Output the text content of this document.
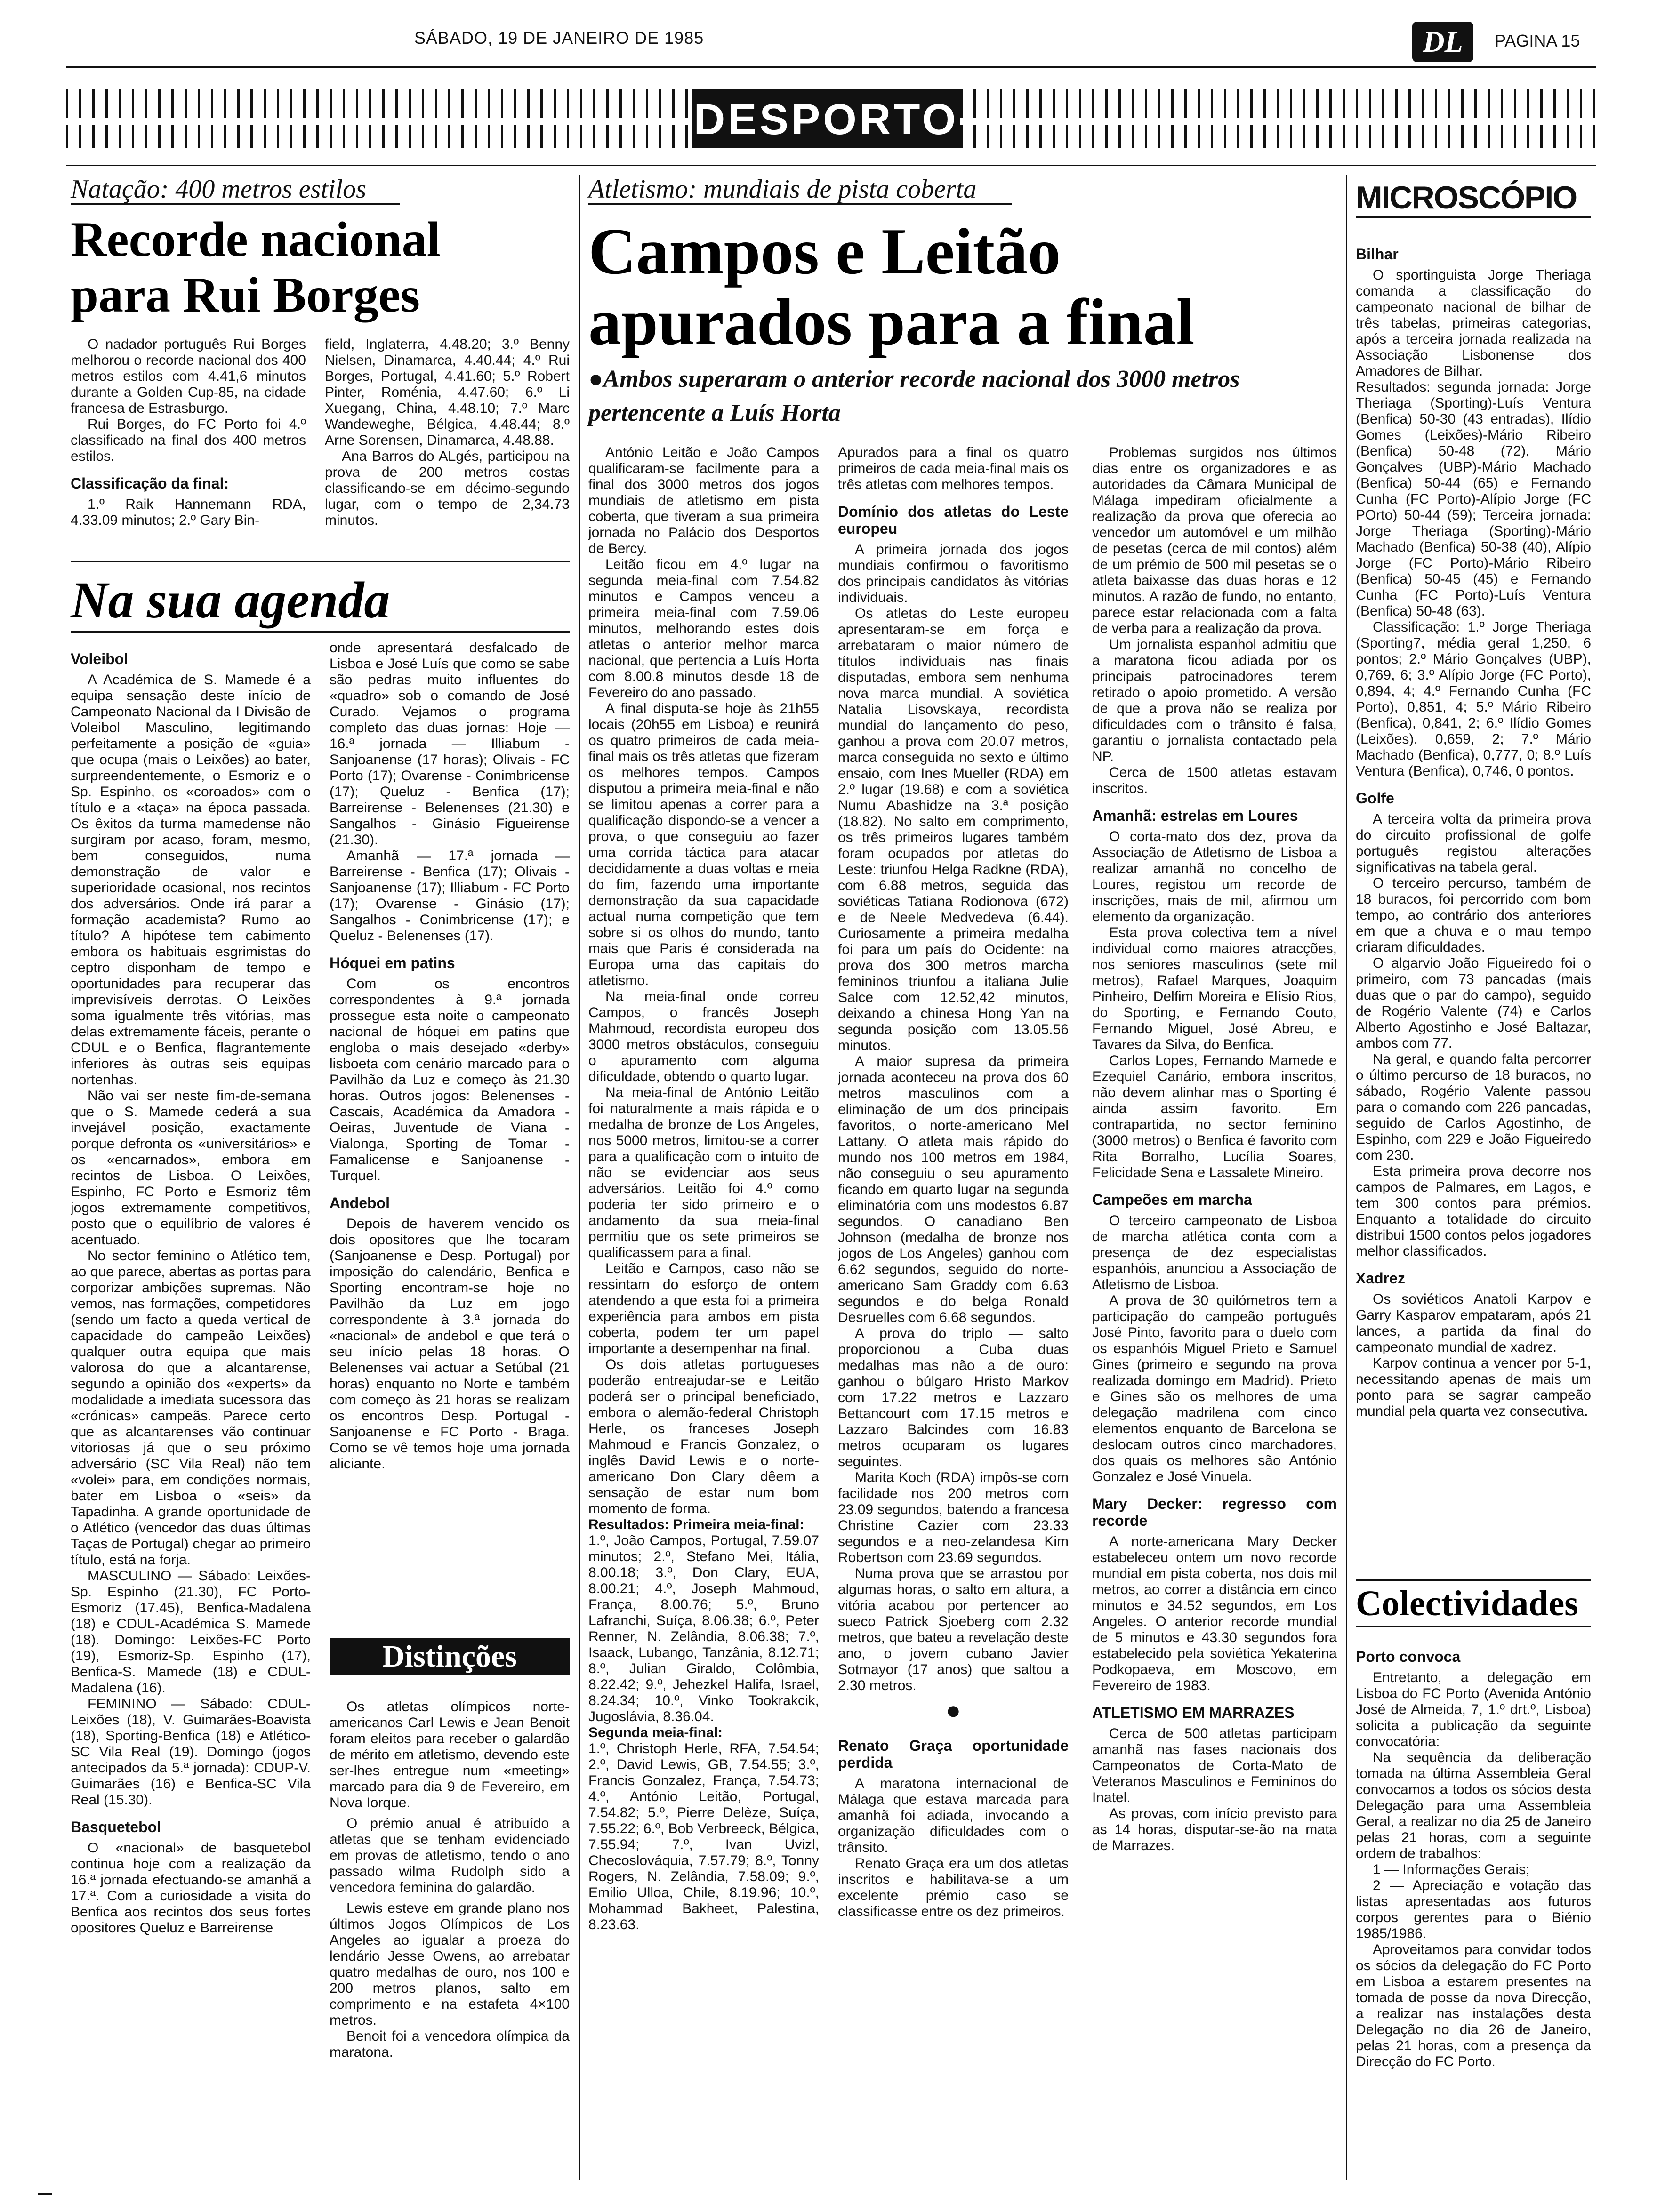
SÁBADO, 19 DE JANEIRO DE 1985	DL	PAGINA 15
DESPORTO
Natação: 400 metros estilos
Recorde nacional
para Rui Borges

O nadador português Rui Borges melhorou o recorde nacional dos 400 metros estilos com 4.41,6 minutos durante a Golden Cup-85, na cidade francesa de Estrasburgo.

Rui Borges, do FC Porto foi 4.º classificado na final dos 400 metros estilos.

Classificação da final:

1.º Raik Hannemann RDA, 4.33.09 minutos; 2.º Gary Bin-

field, Inglaterra, 4.48.20; 3.º Benny Nielsen, Dinamarca, 4.40.44; 4.º Rui Borges, Portugal, 4.41.60; 5.º Robert Pinter, Roménia, 4.47.60; 6.º Li Xuegang, China, 4.48.10; 7.º Marc Wandeweghe, Bélgica, 4.48.44; 8.º Arne Sorensen, Dinamarca, 4.48.88.

Ana Barros do ALgés, participou na prova de 200 metros costas classificando-se em décimo-segundo lugar, com o tempo de 2,34.73 minutos.

Na sua agenda

Voleibol

A Académica de S. Mamede é a equipa sensação deste início de Campeonato Nacional da I Divisão de Voleibol Masculino, legitimando perfeitamente a posição de «guia» que ocupa (mais o Leixões) ao bater, surpreendentemente, o Esmoriz e o Sp. Espinho, os «coroados» com o título e a «taça» na época passada. Os êxitos da turma mamedense não surgiram por acaso, foram, mesmo, bem conseguidos, numa demonstração de valor e superioridade ocasional, nos recintos dos adversários. Onde irá parar a formação academista? Rumo ao título? A hipótese tem cabimento embora os habituais esgrimistas do ceptro disponham de tempo e oportunidades para recuperar das imprevisíveis derrotas. O Leixões soma igualmente três vitórias, mas delas extremamente fáceis, perante o CDUL e o Benfica, flagrantemente inferiores às outras seis equipas nortenhas.

Não vai ser neste fim-de-semana que o S. Mamede cederá a sua invejável posição, exactamente porque defronta os «universitários» e os «encarnados», embora em recintos de Lisboa. O Leixões, Espinho, FC Porto e Esmoriz têm jogos extremamente competitivos, posto que o equilíbrio de valores é acentuado.

No sector feminino o Atlético tem, ao que parece, abertas as portas para corporizar ambições supremas. Não vemos, nas formações, competidores (sendo um facto a queda vertical de capacidade do campeão Leixões) qualquer outra equipa que mais valorosa do que a alcantarense, segundo a opinião dos «experts» da modalidade a imediata sucessora das «crónicas» campeãs. Parece certo que as alcantarenses vão continuar vitoriosas já que o seu próximo adversário (SC Vila Real) não tem «volei» para, em condições normais, bater em Lisboa o «seis» da Tapadinha. A grande oportunidade de o Atlético (vencedor das duas últimas Taças de Portugal) chegar ao primeiro título, está na forja.

MASCULINO — Sábado: Leixões-Sp. Espinho (21.30), FC Porto-Esmoriz (17.45), Benfica-Madalena (18) e CDUL-Académica S. Mamede (18). Domingo: Leixões-FC Porto (19), Esmoriz-Sp. Espinho (17), Benfica-S. Mamede (18) e CDUL-Madalena (16).

FEMININO — Sábado: CDUL-Leixões (18), V. Guimarães-Boavista (18), Sporting-Benfica (18) e Atlético-SC Vila Real (19). Domingo (jogos antecipados da 5.ª jornada): CDUP-V. Guimarães (16) e Benfica-SC Vila Real (15.30).

Basquetebol

O «nacional» de basquetebol continua hoje com a realização da 16.ª jornada efectuando-se amanhã a 17.ª. Com a curiosidade a visita do Benfica aos recintos dos seus fortes opositores Queluz e Barreirense

onde apresentará desfalcado de Lisboa e José Luís que como se sabe são pedras muito influentes do «quadro» sob o comando de José Curado. Vejamos o programa completo das duas jornas: Hoje — 16.ª jornada — Illiabum - Sanjoanense (17 horas); Olivais - FC Porto (17); Ovarense - Conimbricense (17); Queluz - Benfica (17); Barreirense - Belenenses (21.30) e Sangalhos - Ginásio Figueirense (21.30).

Amanhã — 17.ª jornada — Barreirense - Benfica (17); Olivais - Sanjoanense (17); Illiabum - FC Porto (17); Ovarense - Ginásio (17); Sangalhos - Conimbricense (17); e Queluz - Belenenses (17).

Hóquei em patins

Com os encontros correspondentes à 9.ª jornada prossegue esta noite o campeonato nacional de hóquei em patins que engloba o mais desejado «derby» lisboeta com cenário marcado para o Pavilhão da Luz e começo às 21.30 horas. Outros jogos: Belenenses - Cascais, Académica da Amadora - Oeiras, Juventude de Viana - Vialonga, Sporting de Tomar - Famalicense e Sanjoanense - Turquel.

Andebol

Depois de haverem vencido os dois opositores que lhe tocaram (Sanjoanense e Desp. Portugal) por imposição do calendário, Benfica e Sporting encontram-se hoje no Pavilhão da Luz em jogo correspondente à 3.ª jornada do «nacional» de andebol e que terá o seu início pelas 18 horas. O Belenenses vai actuar a Setúbal (21 horas) enquanto no Norte e também com começo às 21 horas se realizam os encontros Desp. Portugal - Sanjoanense e FC Porto - Braga. Como se vê temos hoje uma jornada aliciante.

Distinções

Os atletas olímpicos norte-americanos Carl Lewis e Jean Benoit foram eleitos para receber o galardão de mérito em atletismo, devendo este ser-lhes entregue num «meeting» marcado para dia 9 de Fevereiro, em Nova Iorque.

O prémio anual é atribuído a atletas que se tenham evidenciado em provas de atletismo, tendo o ano passado wilma Rudolph sido a vencedora feminina do galardão.

Lewis esteve em grande plano nos últimos Jogos Olímpicos de Los Angeles ao igualar a proeza do lendário Jesse Owens, ao arrebatar quatro medalhas de ouro, nos 100 e 200 metros planos, salto em comprimento e na estafeta 4×100 metros.

Benoit foi a vencedora olímpica da maratona.

Atletismo: mundiais de pista coberta
Campos e Leitão
apurados para a final
●Ambos superaram o anterior recorde nacional dos 3000 metros pertencente a Luís Horta

António Leitão e João Campos qualificaram-se facilmente para a final dos 3000 metros dos jogos mundiais de atletismo em pista coberta, que tiveram a sua primeira jornada no Palácio dos Desportos de Bercy.

Leitão ficou em 4.º lugar na segunda meia-final com 7.54.82 minutos e Campos venceu a primeira meia-final com 7.59.06 minutos, melhorando estes dois atletas o anterior melhor marca nacional, que pertencia a Luís Horta com 8.00.8 minutos desde 18 de Fevereiro do ano passado.

A final disputa-se hoje às 21h55 locais (20h55 em Lisboa) e reunirá os quatro primeiros de cada meia-final mais os três atletas que fizeram os melhores tempos. Campos disputou a primeira meia-final e não se limitou apenas a correr para a qualificação dispondo-se a vencer a prova, o que conseguiu ao fazer uma corrida táctica para atacar decididamente a duas voltas e meia do fim, fazendo uma importante demonstração da sua capacidade actual numa competição que tem sobre si os olhos do mundo, tanto mais que Paris é considerada na Europa uma das capitais do atletismo.

Na meia-final onde correu Campos, o francês Joseph Mahmoud, recordista europeu dos 3000 metros obstáculos, conseguiu o apuramento com alguma dificuldade, obtendo o quarto lugar.

Na meia-final de António Leitão foi naturalmente a mais rápida e o medalha de bronze de Los Angeles, nos 5000 metros, limitou-se a correr para a qualificação com o intuito de não se evidenciar aos seus adversários. Leitão foi 4.º como poderia ter sido primeiro e o andamento da sua meia-final permitiu que os sete primeiros se qualificassem para a final.

Leitão e Campos, caso não se ressintam do esforço de ontem atendendo a que esta foi a primeira experiência para ambos em pista coberta, podem ter um papel importante a desempenhar na final.

Os dois atletas portugueses poderão entreajudar-se e Leitão poderá ser o principal beneficiado, embora o alemão-federal Christoph Herle, os franceses Joseph Mahmoud e Francis Gonzalez, o inglês David Lewis e o norte-americano Don Clary dêem a sensação de estar num bom momento de forma.

Resultados: Primeira meia-final:

1.º, João Campos, Portugal, 7.59.07 minutos; 2.º, Stefano Mei, Itália, 8.00.18; 3.º, Don Clary, EUA, 8.00.21; 4.º, Joseph Mahmoud, França, 8.00.76; 5.º, Bruno Lafranchi, Suíça, 8.06.38; 6.º, Peter Renner, N. Zelândia, 8.06.38; 7.º, Isaack, Lubango, Tanzânia, 8.12.71; 8.º, Julian Giraldo, Colômbia, 8.22.42; 9.º, Jehezkel Halifa, Israel, 8.24.34; 10.º, Vinko Tookrakcik, Jugoslávia, 8.36.04.

Segunda meia-final:

1.º, Christoph Herle, RFA, 7.54.54; 2.º, David Lewis, GB, 7.54.55; 3.º, Francis Gonzalez, França, 7.54.73; 4.º, António Leitão, Portugal, 7.54.82; 5.º, Pierre Delèze, Suíça, 7.55.22; 6.º, Bob Verbreeck, Bélgica, 7.55.94; 7.º, Ivan Uvizl, Checoslováquia, 7.57.79; 8.º, Tonny Rogers, N. Zelândia, 7.58.09; 9.º, Emilio Ulloa, Chile, 8.19.96; 10.º, Mohammad Bakheet, Palestina, 8.23.63.

Apurados para a final os quatro primeiros de cada meia-final mais os três atletas com melhores tempos.

Domínio dos atletas do Leste europeu

A primeira jornada dos jogos mundiais confirmou o favoritismo dos principais candidatos às vitórias individuais.

Os atletas do Leste europeu apresentaram-se em força e arrebataram o maior número de títulos individuais nas finais disputadas, embora sem nenhuma nova marca mundial. A soviética Natalia Lisovskaya, recordista mundial do lançamento do peso, ganhou a prova com 20.07 metros, marca conseguida no sexto e último ensaio, com Ines Mueller (RDA) em 2.º lugar (19.68) e com a soviética Numu Abashidze na 3.ª posição (18.82). No salto em comprimento, os três primeiros lugares também foram ocupados por atletas do Leste: triunfou Helga Radkne (RDA), com 6.88 metros, seguida das soviéticas Tatiana Rodionova (672) e de Neele Medvedeva (6.44). Curiosamente a primeira medalha foi para um país do Ocidente: na prova dos 300 metros marcha femininos triunfou a italiana Julie Salce com 12.52,42 minutos, deixando a chinesa Hong Yan na segunda posição com 13.05.56 minutos.

A maior supresa da primeira jornada aconteceu na prova dos 60 metros masculinos com a eliminação de um dos principais favoritos, o norte-americano Mel Lattany. O atleta mais rápido do mundo nos 100 metros em 1984, não conseguiu o seu apuramento ficando em quarto lugar na segunda eliminatória com uns modestos 6.87 segundos. O canadiano Ben Johnson (medalha de bronze nos jogos de Los Angeles) ganhou com 6.62 segundos, seguido do norte-americano Sam Graddy com 6.63 segundos e do belga Ronald Desruelles com 6.68 segundos.

A prova do triplo — salto proporcionou a Cuba duas medalhas mas não a de ouro: ganhou o búlgaro Hristo Markov com 17.22 metros e Lazzaro Bettancourt com 17.15 metros e Lazzaro Balcindes com 16.83 metros ocuparam os lugares seguintes.

Marita Koch (RDA) impôs-se com facilidade nos 200 metros com 23.09 segundos, batendo a francesa Christine Cazier com 23.33 segundos e a neo-zelandesa Kim Robertson com 23.69 segundos.

Numa prova que se arrastou por algumas horas, o salto em altura, a vitória acabou por pertencer ao sueco Patrick Sjoeberg com 2.32 metros, que bateu a revelação deste ano, o jovem cubano Javier Sotmayor (17 anos) que saltou a 2.30 metros.

●

Renato Graça oportunidade perdida

A maratona internacional de Málaga que estava marcada para amanhã foi adiada, invocando a organização dificuldades com o trânsito.

Renato Graça era um dos atletas inscritos e habilitava-se a um excelente prémio caso se classificasse entre os dez primeiros.

Problemas surgidos nos últimos dias entre os organizadores e as autoridades da Câmara Municipal de Málaga impediram oficialmente a realização da prova que oferecia ao vencedor um automóvel e um milhão de pesetas (cerca de mil contos) além de um prémio de 500 mil pesetas se o atleta baixasse das duas horas e 12 minutos. A razão de fundo, no entanto, parece estar relacionada com a falta de verba para a realização da prova.

Um jornalista espanhol admitiu que a maratona ficou adiada por os principais patrocinadores terem retirado o apoio prometido. A versão de que a prova não se realiza por dificuldades com o trânsito é falsa, garantiu o jornalista contactado pela NP.

Cerca de 1500 atletas estavam inscritos.

Amanhã: estrelas em Loures

O corta-mato dos dez, prova da Associação de Atletismo de Lisboa a realizar amanhã no concelho de Loures, registou um recorde de inscrições, mais de mil, afirmou um elemento da organização.

Esta prova colectiva tem a nível individual como maiores atracções, nos seniores masculinos (sete mil metros), Rafael Marques, Joaquim Pinheiro, Delfim Moreira e Elísio Rios, do Sporting, e Fernando Couto, Fernando Miguel, José Abreu, e Tavares da Silva, do Benfica.

Carlos Lopes, Fernando Mamede e Ezequiel Canário, embora inscritos, não devem alinhar mas o Sporting é ainda assim favorito. Em contrapartida, no sector feminino (3000 metros) o Benfica é favorito com Rita Borralho, Lucília Soares, Felicidade Sena e Lassalete Mineiro.

Campeões em marcha

O terceiro campeonato de Lisboa de marcha atlética conta com a presença de dez especialistas espanhóis, anunciou a Associação de Atletismo de Lisboa.

A prova de 30 quilómetros tem a participação do campeão português José Pinto, favorito para o duelo com os espanhóis Miguel Prieto e Samuel Gines (primeiro e segundo na prova realizada domingo em Madrid). Prieto e Gines são os melhores de uma delegação madrilena com cinco elementos enquanto de Barcelona se deslocam outros cinco marchadores, dos quais os melhores são António Gonzalez e José Vinuela.

Mary Decker: regresso com recorde

A norte-americana Mary Decker estabeleceu ontem um novo recorde mundial em pista coberta, nos dois mil metros, ao correr a distância em cinco minutos e 34.52 segundos, em Los Angeles. O anterior recorde mundial de 5 minutos e 43.30 segundos fora estabelecido pela soviética Yekaterina Podkopaeva, em Moscovo, em Fevereiro de 1983.

ATLETISMO EM MARRAZES

Cerca de 500 atletas participam amanhã nas fases nacionais dos Campeonatos de Corta-Mato de Veteranos Masculinos e Femininos do Inatel.

As provas, com início previsto para as 14 horas, disputar-se-ão na mata de Marrazes.

MICROSCÓPIO

Bilhar

O sportinguista Jorge Theriaga comanda a classificação do campeonato nacional de bilhar de três tabelas, primeiras categorias, após a terceira jornada realizada na Associação Lisbonense dos Amadores de Bilhar.

Resultados: segunda jornada: Jorge Theriaga (Sporting)-Luís Ventura (Benfica) 50-30 (43 entradas), Ilídio Gomes (Leixões)-Mário Ribeiro (Benfica) 50-48 (72), Mário Gonçalves (UBP)-Mário Machado (Benfica) 50-44 (65) e Fernando Cunha (FC Porto)-Alípio Jorge (FC POrto) 50-44 (59); Terceira jornada: Jorge Theriaga (Sporting)-Mário Machado (Benfica) 50-38 (40), Alípio Jorge (FC Porto)-Mário Ribeiro (Benfica) 50-45 (45) e Fernando Cunha (FC Porto)-Luís Ventura (Benfica) 50-48 (63).

Classificação: 1.º Jorge Theriaga (Sporting7, média geral 1,250, 6 pontos; 2.º Mário Gonçalves (UBP), 0,769, 6; 3.º Alípio Jorge (FC Porto), 0,894, 4; 4.º Fernando Cunha (FC Porto), 0,851, 4; 5.º Mário Ribeiro (Benfica), 0,841, 2; 6.º Ilídio Gomes (Leixões), 0,659, 2; 7.º Mário Machado (Benfica), 0,777, 0; 8.º Luís Ventura (Benfica), 0,746, 0 pontos.

Golfe

A terceira volta da primeira prova do circuito profissional de golfe português registou alterações significativas na tabela geral.

O terceiro percurso, também de 18 buracos, foi percorrido com bom tempo, ao contrário dos anteriores em que a chuva e o mau tempo criaram dificuldades.

O algarvio João Figueiredo foi o primeiro, com 73 pancadas (mais duas que o par do campo), seguido de Rogério Valente (74) e Carlos Alberto Agostinho e José Baltazar, ambos com 77.

Na geral, e quando falta percorrer o último percurso de 18 buracos, no sábado, Rogério Valente passou para o comando com 226 pancadas, seguido de Carlos Agostinho, de Espinho, com 229 e João Figueiredo com 230.

Esta primeira prova decorre nos campos de Palmares, em Lagos, e tem 300 contos para prémios. Enquanto a totalidade do circuito distribui 1500 contos pelos jogadores melhor classificados.

Xadrez

Os soviéticos Anatoli Karpov e Garry Kasparov empataram, após 21 lances, a partida da final do campeonato mundial de xadrez.

Karpov continua a vencer por 5-1, necessitando apenas de mais um ponto para se sagrar campeão mundial pela quarta vez consecutiva.

Colectividades

Porto convoca

Entretanto, a delegação em Lisboa do FC Porto (Avenida António José de Almeida, 7, 1.º drt.º, Lisboa) solicita a publicação da seguinte convocatória:

Na sequência da deliberação tomada na última Assembleia Geral convocamos a todos os sócios desta Delegação para uma Assembleia Geral, a realizar no dia 25 de Janeiro pelas 21 horas, com a seguinte ordem de trabalhos:

1 — Informações Gerais;

2 — Apreciação e votação das listas apresentadas aos futuros corpos gerentes para o Biénio 1985/1986.

Aproveitamos para convidar todos os sócios da delegação do FC Porto em Lisboa a estarem presentes na tomada de posse da nova Direcção, a realizar nas instalações desta Delegação no dia 26 de Janeiro, pelas 21 horas, com a presença da Direcção do FC Porto.
